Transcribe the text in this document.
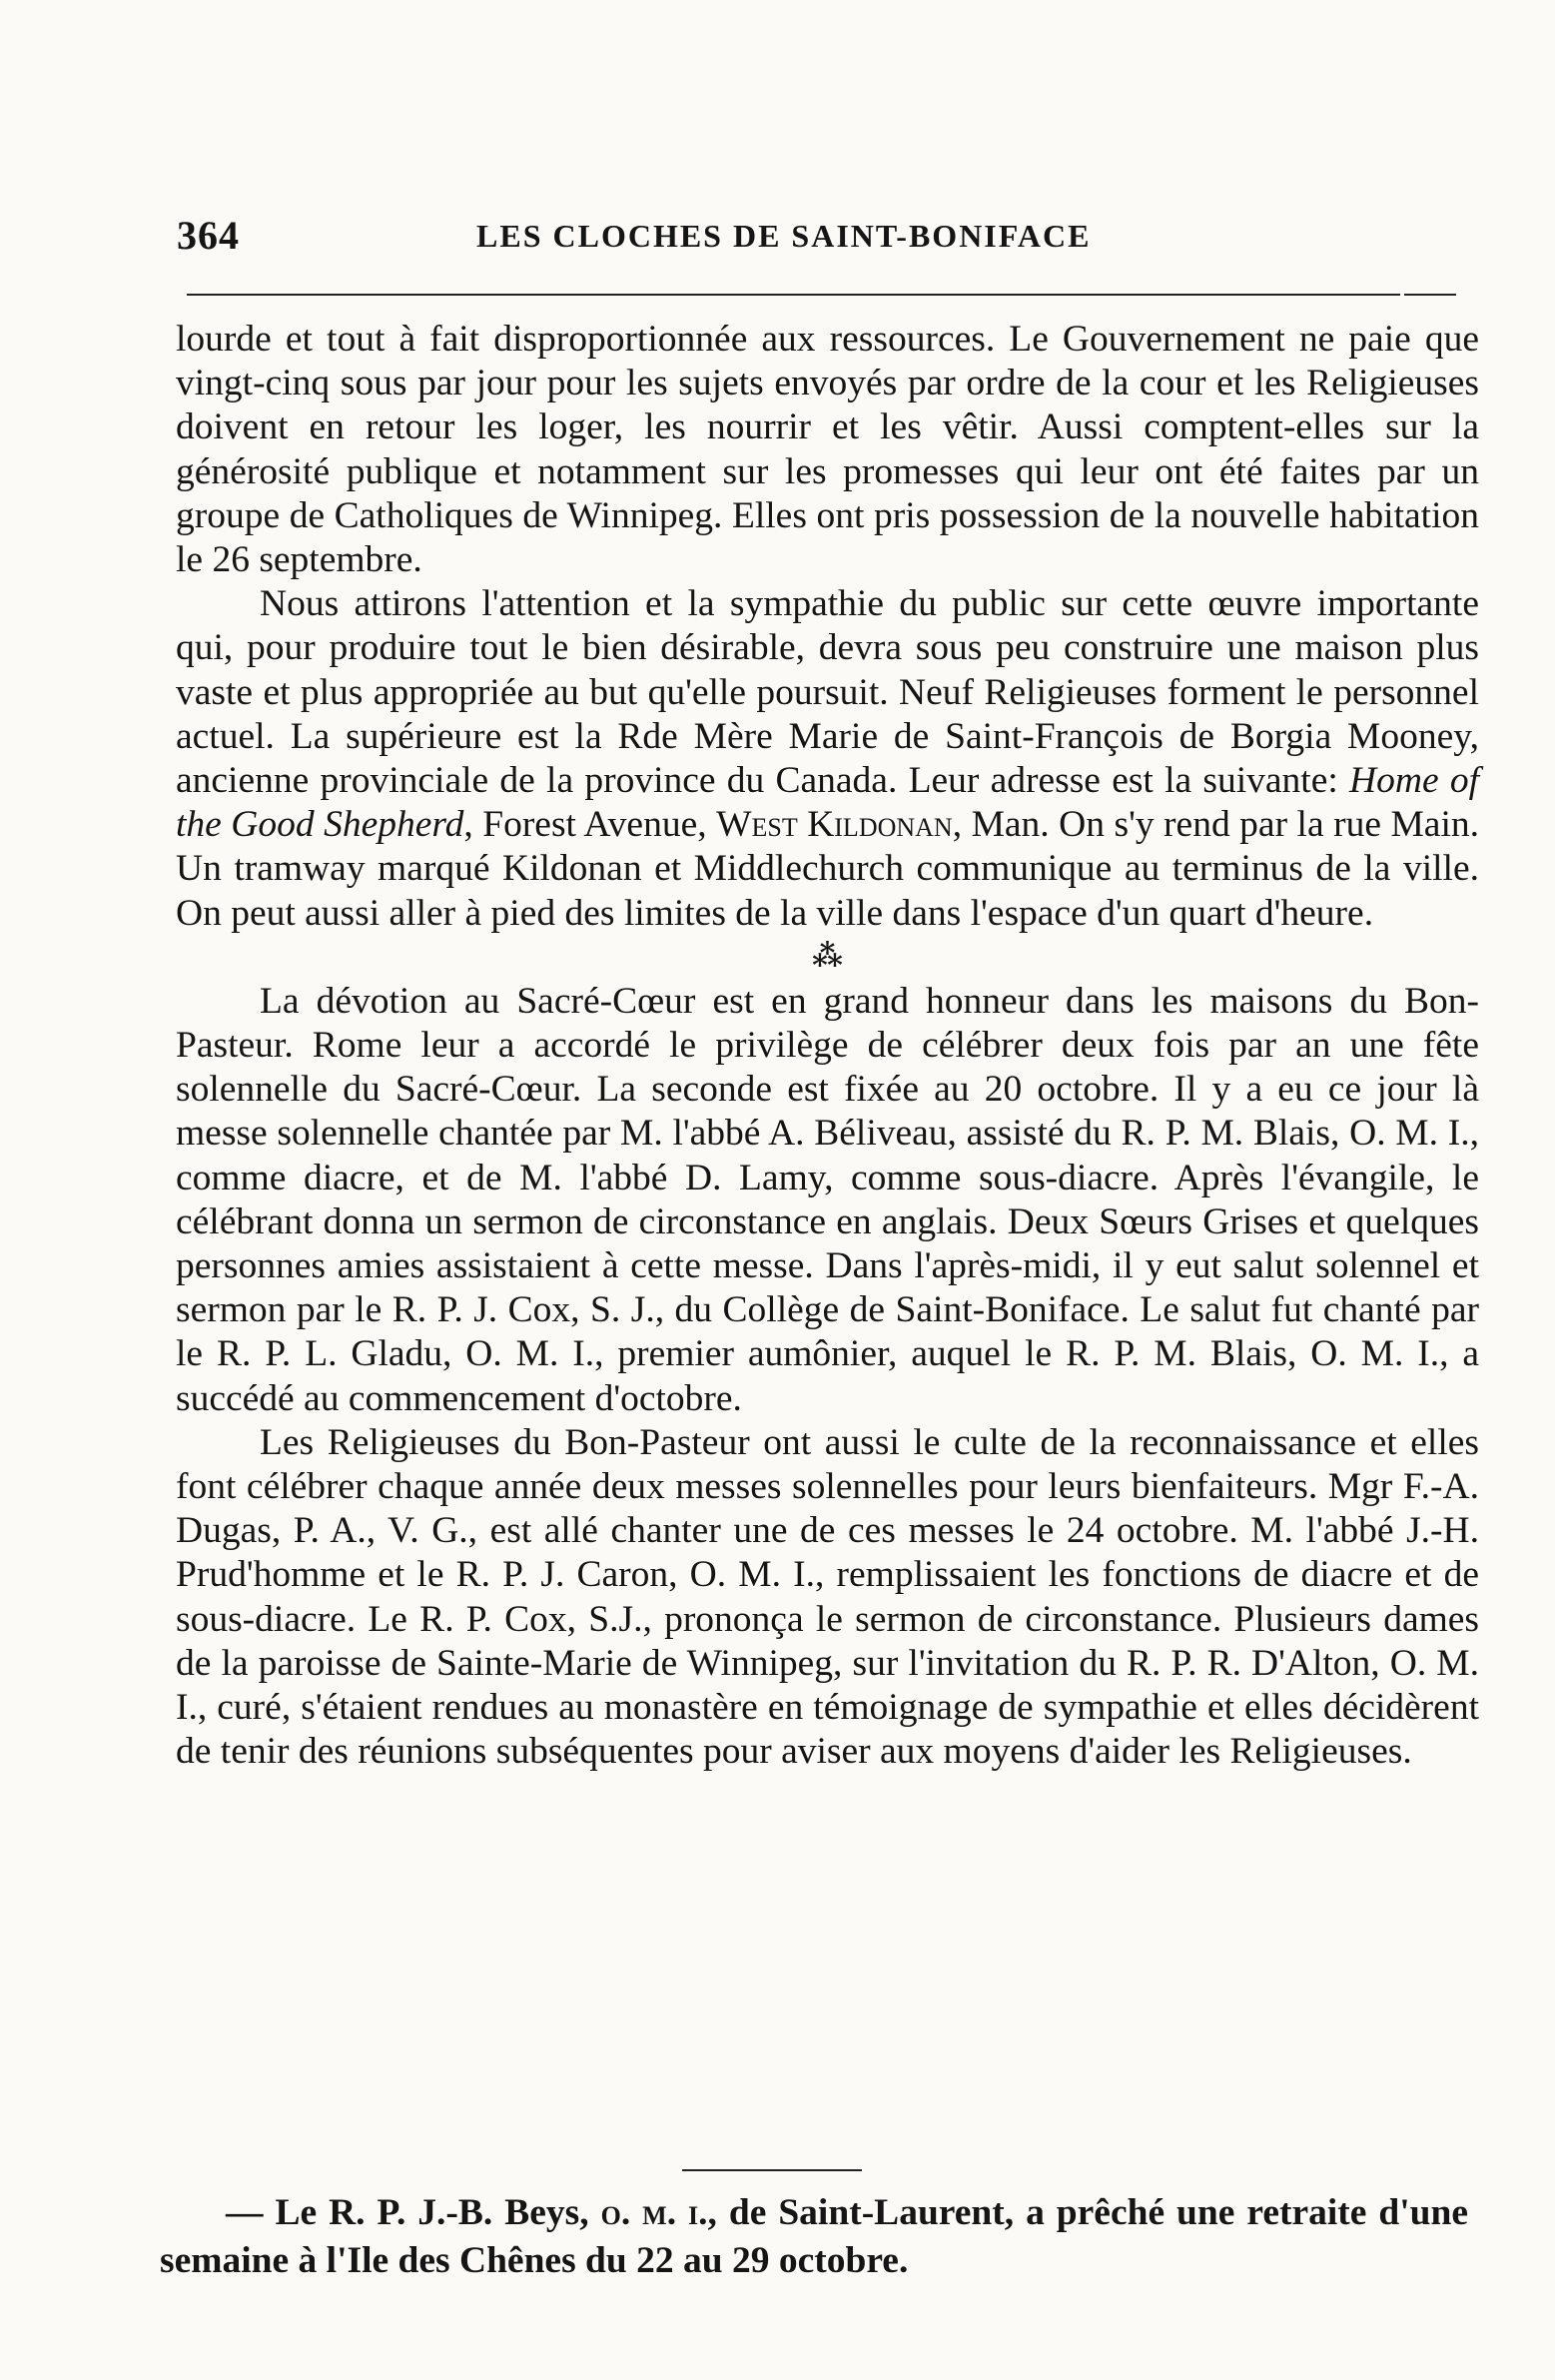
364	LES CLOCHES DE SAINT-BONIFACE

lourde et tout à fait disproportionnée aux ressources. Le Gouvernement ne paie que vingt-cinq sous par jour pour les sujets envoyés par ordre de la cour et les Religieuses doivent en retour les loger, les nourrir et les vêtir. Aussi comptent-elles sur la générosité publique et notamment sur les promesses qui leur ont été faites par un groupe de Catholiques de Winnipeg. Elles ont pris possession de la nouvelle habitation le 26 septembre.

Nous attirons l'attention et la sympathie du public sur cette œuvre importante qui, pour produire tout le bien désirable, devra sous peu construire une maison plus vaste et plus appropriée au but qu'elle poursuit. Neuf Religieuses forment le personnel actuel. La supérieure est la Rde Mère Marie de Saint-François de Borgia Mooney, ancienne provinciale de la province du Canada. Leur adresse est la suivante: Home of the Good Shepherd, Forest Avenue, West Kildonan, Man. On s'y rend par la rue Main. Un tramway marqué Kildonan et Middlechurch communique au terminus de la ville. On peut aussi aller à pied des limites de la ville dans l'espace d'un quart d'heure.

⁂

La dévotion au Sacré-Cœur est en grand honneur dans les maisons du Bon-Pasteur. Rome leur a accordé le privilège de célébrer deux fois par an une fête solennelle du Sacré-Cœur. La seconde est fixée au 20 octobre. Il y a eu ce jour là messe solennelle chantée par M. l'abbé A. Béliveau, assisté du R. P. M. Blais, O. M. I., comme diacre, et de M. l'abbé D. Lamy, comme sous-diacre. Après l'évangile, le célébrant donna un sermon de circonstance en anglais. Deux Sœurs Grises et quelques personnes amies assistaient à cette messe. Dans l'après-midi, il y eut salut solennel et sermon par le R. P. J. Cox, S. J., du Collège de Saint-Boniface. Le salut fut chanté par le R. P. L. Gladu, O. M. I., premier aumônier, auquel le R. P. M. Blais, O. M. I., a succédé au commencement d'octobre.

Les Religieuses du Bon-Pasteur ont aussi le culte de la reconnaissance et elles font célébrer chaque année deux messes solennelles pour leurs bienfaiteurs. Mgr F.-A. Dugas, P. A., V. G., est allé chanter une de ces messes le 24 octobre. M. l'abbé J.-H. Prud'homme et le R. P. J. Caron, O. M. I., remplissaient les fonctions de diacre et de sous-diacre. Le R. P. Cox, S.J., prononça le sermon de circonstance. Plusieurs dames de la paroisse de Sainte-Marie de Winnipeg, sur l'invitation du R. P. R. D'Alton, O. M. I., curé, s'étaient rendues au monastère en témoignage de sympathie et elles décidèrent de tenir des réunions subséquentes pour aviser aux moyens d'aider les Religieuses.

— Le R. P. J.-B. Beys, o. m. i., de Saint-Laurent, a prêché une retraite d'une semaine à l'Ile des Chênes du 22 au 29 octobre.
